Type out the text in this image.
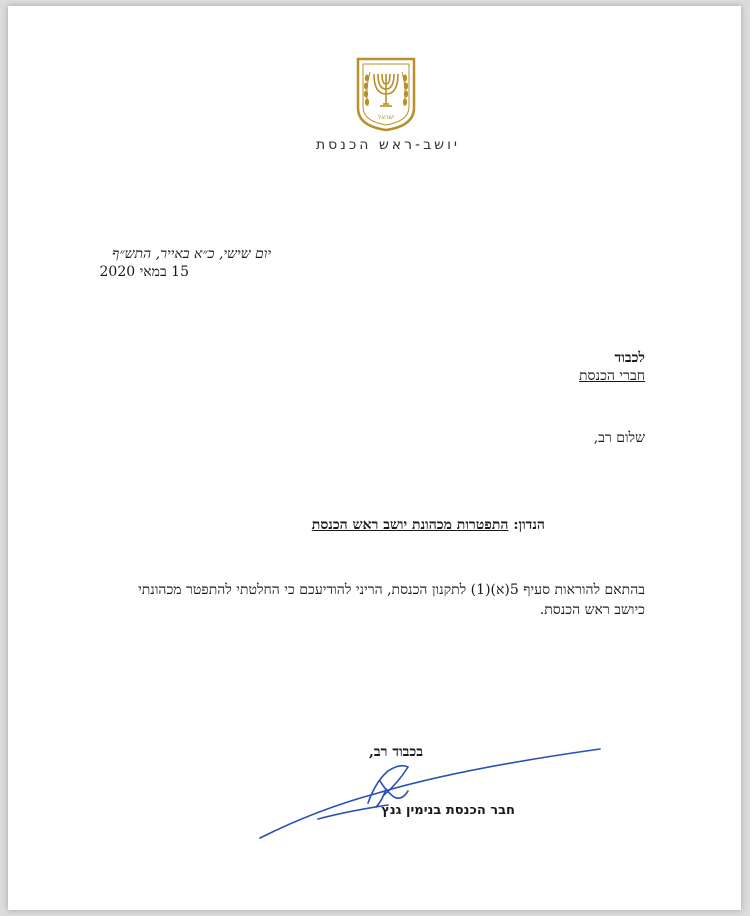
ישראל
יושב-ראש הכנסת
יום שישי, כ״א באייר, התש״ף
15 במאי 2020
לכבוד
חברי הכנסת
שלום רב,
הנדון: התפטרות מכהונת יושב ראש הכנסת
בהתאם להוראות סעיף 5(א)(1) לתקנון הכנסת, הריני להודיעכם כי החלטתי להתפטר מכהונתי
כיושב ראש הכנסת.
בכבוד רב,
חבר הכנסת בנימין גנץ
